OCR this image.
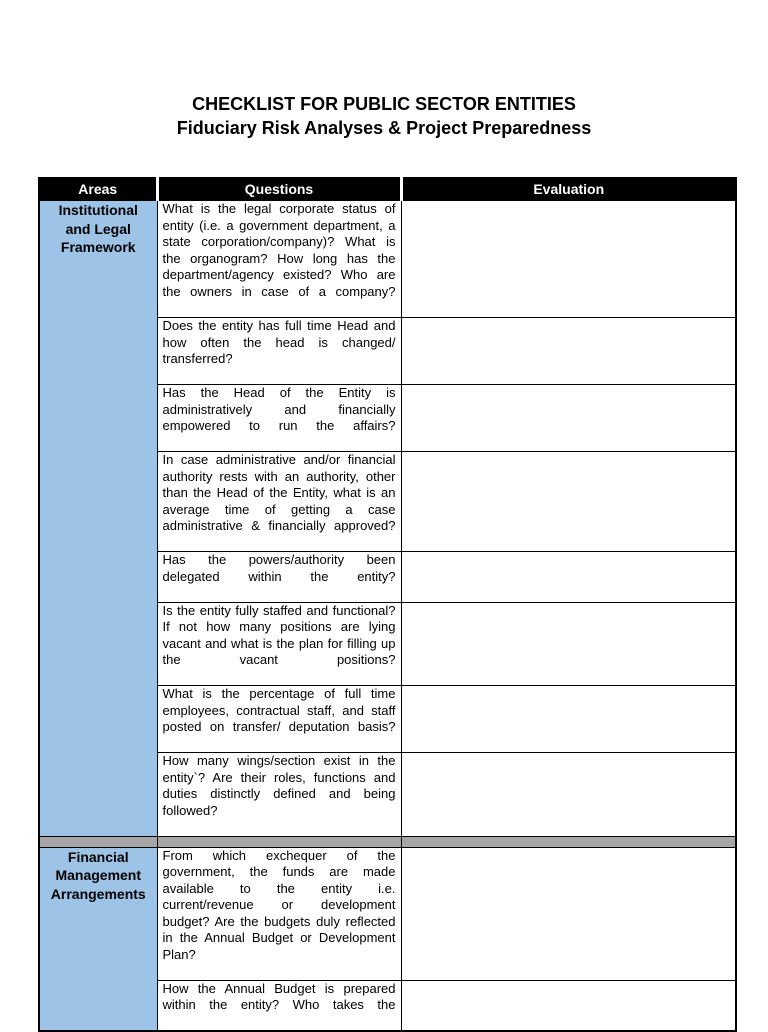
CHECKLIST FOR PUBLIC SECTOR ENTITIES
Fiduciary Risk Analyses & Project Preparedness
Areas	Questions	Evaluation
Institutional and Legal Framework	What is the legal corporate status of entity (i.e. a government department, a state corporation/company)? What is the organogram? How long has the department/agency existed? Who are the owners in case of a company?	

	Does the entity has full time Head and how often the head is changed/ transferred?	

	Has the Head of the Entity is administratively and financially empowered to run the affairs?	

	In case administrative and/or financial authority rests with an authority, other than the Head of the Entity, what is an average time of getting a case administrative & financially approved?	

	Has the powers/authority been delegated within the entity?	

	Is the entity fully staffed and functional? If not how many positions are lying vacant and what is the plan for filling up the vacant positions?	

	What is the percentage of full time employees, contractual staff, and staff posted on transfer/ deputation basis?	

	How many wings/section exist in the entity`? Are their roles, functions and duties distinctly defined and being followed?	

Financial Management Arrangements	From which exchequer of the government, the funds are made available to the entity i.e. current/revenue or development budget? Are the budgets duly reflected in the Annual Budget or Development Plan?	

	How the Annual Budget is prepared within the entity? Who takes the	
